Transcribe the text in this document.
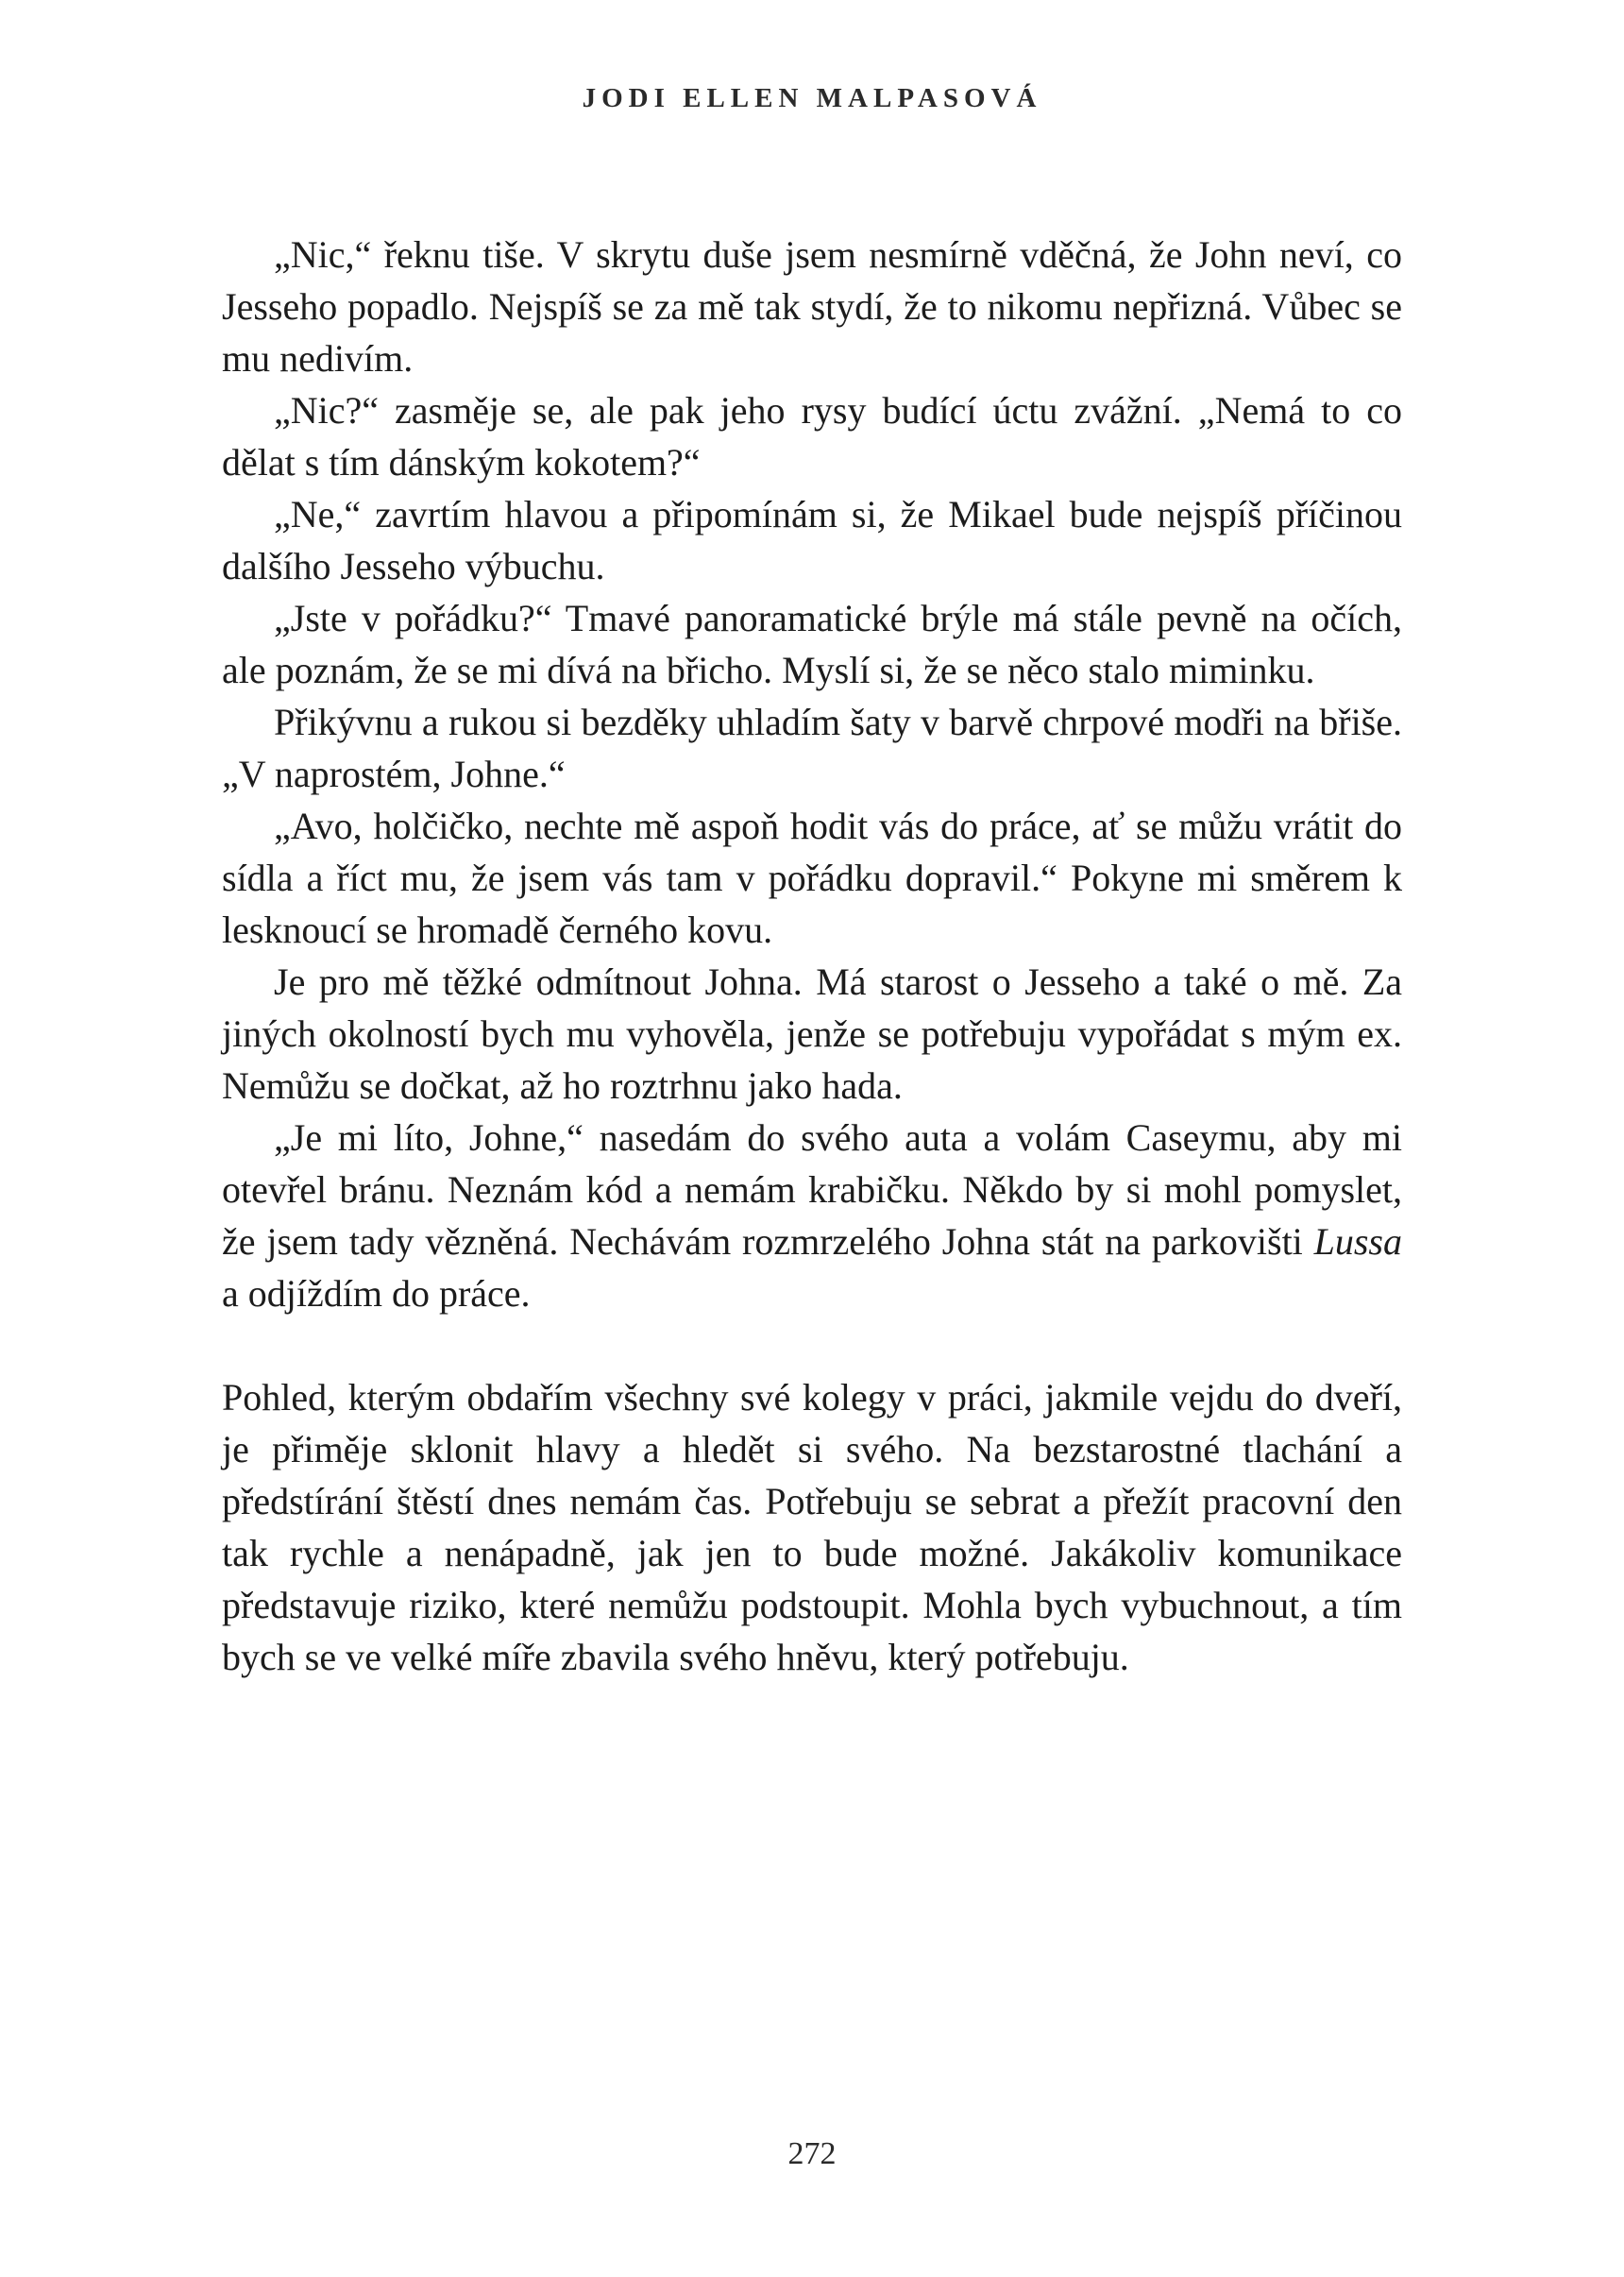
JODI ELLEN MALPASOVÁ

„Nic,“ řeknu tiše. V skrytu duše jsem nesmírně vděčná, že John neví, co Jesseho popadlo. Nejspíš se za mě tak stydí, že to nikomu nepřizná. Vůbec se mu nedivím.

„Nic?“ zasměje se, ale pak jeho rysy budící úctu zvážní. „Nemá to co dělat s tím dánským kokotem?“

„Ne,“ zavrtím hlavou a připomínám si, že Mikael bude nejspíš příčinou dalšího Jesseho výbuchu.

„Jste v pořádku?“ Tmavé panoramatické brýle má stále pevně na očích, ale poznám, že se mi dívá na břicho. Myslí si, že se něco stalo miminku.

Přikývnu a rukou si bezděky uhladím šaty v barvě chrpové modři na břiše. „V naprostém, Johne.“

„Avo, holčičko, nechte mě aspoň hodit vás do práce, ať se můžu vrátit do sídla a říct mu, že jsem vás tam v pořádku dopravil.“ Pokyne mi směrem k lesknoucí se hromadě černého kovu.

Je pro mě těžké odmítnout Johna. Má starost o Jesseho a také o mě. Za jiných okolností bych mu vyhověla, jenže se potřebuju vypořádat s mým ex. Nemůžu se dočkat, až ho roztrhnu jako hada.

„Je mi líto, Johne,“ nasedám do svého auta a volám Caseymu, aby mi otevřel bránu. Neznám kód a nemám krabičku. Někdo by si mohl pomyslet, že jsem tady vězněná. Nechávám rozmrzelého Johna stát na parkovišti Lussa a odjíždím do práce.

Pohled, kterým obdařím všechny své kolegy v práci, jakmile vejdu do dveří, je přiměje sklonit hlavy a hledět si svého. Na bezstarostné tlachání a předstírání štěstí dnes nemám čas. Potřebuju se sebrat a přežít pracovní den tak rychle a nenápadně, jak jen to bude možné. Jakákoliv komunikace představuje riziko, které nemůžu podstoupit. Mohla bych vybuchnout, a tím bych se ve velké míře zbavila svého hněvu, který potřebuju.

272
